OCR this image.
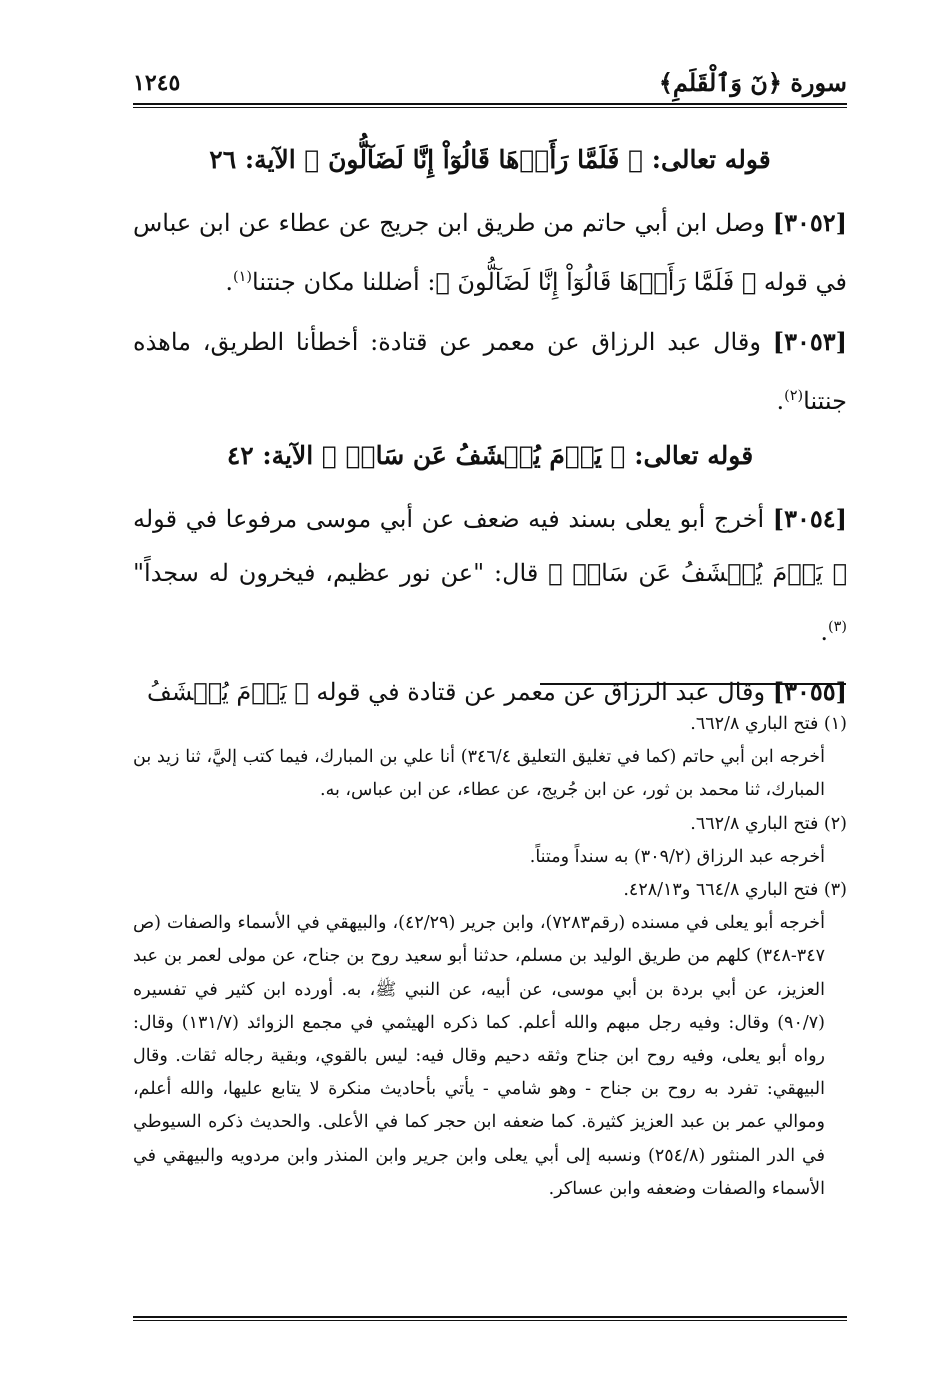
سورة ﴿نٓ وَٱلْقَلَمِ﴾
١٢٤٥
قوله تعالى: ﴿ فَلَمَّا رَأَوۡهَا قَالُوٓاْ إِنَّا لَضَآلُّونَ ﴾ الآية: ٢٦

[٣٠٥٢] وصل ابن أبي حاتم من طريق ابن جريج عن عطاء عن ابن عباس في قوله ﴿ فَلَمَّا رَأَوۡهَا قَالُوٓاْ إِنَّا لَضَآلُّونَ ﴾: أضللنا مكان جنتنا$^{(١)}$.

[٣٠٥٣] وقال عبد الرزاق عن معمر عن قتادة: أخطأنا الطريق، ماهذه جنتنا$^{(٢)}$.

قوله تعالى: ﴿ يَوۡمَ يُكۡشَفُ عَن سَاقٖ ﴾ الآية: ٤٢

[٣٠٥٤] أخرج أبو يعلى بسند فيه ضعف عن أبي موسى مرفوعا في قوله ﴿ يَوۡمَ يُكۡشَفُ عَن سَاقٖ ﴾ قال: "عن نور عظيم، فيخرون له سجداً"$^{(٣)}$.

[٣٠٥٥] وقال عبد الرزاق عن معمر عن قتادة في قوله ﴿ يَوۡمَ يُكۡشَفُ

(١) فتح الباري ٦٦٢/٨.

أخرجه ابن أبي حاتم (كما في تغليق التعليق ٣٤٦/٤) أنا علي بن المبارك، فيما كتب إليَّ، ثنا زيد بن المبارك، ثنا محمد بن ثور، عن ابن جُريج، عن عطاء، عن ابن عباس، به.

(٢) فتح الباري ٦٦٢/٨.

أخرجه عبد الرزاق (٣٠٩/٢) به سنداً ومتناً.

(٣) فتح الباري ٦٦٤/٨ و٤٢٨/١٣.

أخرجه أبو يعلى في مسنده (رقم٧٢٨٣)، وابن جرير (٤٢/٢٩)، والبيهقي في الأسماء والصفات (ص ٣٤٧-٣٤٨) كلهم من طريق الوليد بن مسلم، حدثنا أبو سعيد روح بن جناح، عن مولى لعمر بن عبد العزيز، عن أبي بردة بن أبي موسى، عن أبيه، عن النبي ﷺ، به. أورده ابن كثير في تفسيره (٩٠/٧) وقال: وفيه رجل مبهم والله أعلم. كما ذكره الهيثمي في مجمع الزوائد (١٣١/٧) وقال: رواه أبو يعلى، وفيه روح ابن جناح وثقه دحيم وقال فيه: ليس بالقوي، وبقية رجاله ثقات. وقال البيهقي: تفرد به روح بن جناح - وهو شامي - يأتي بأحاديث منكرة لا يتابع عليها، والله أعلم، وموالي عمر بن عبد العزيز كثيرة. كما ضعفه ابن حجر كما في الأعلى. والحديث ذكره السيوطي في الدر المنثور (٢٥٤/٨) ونسبه إلى أبي يعلى وابن جرير وابن المنذر وابن مردويه والبيهقي في الأسماء والصفات وضعفه وابن عساكر.
